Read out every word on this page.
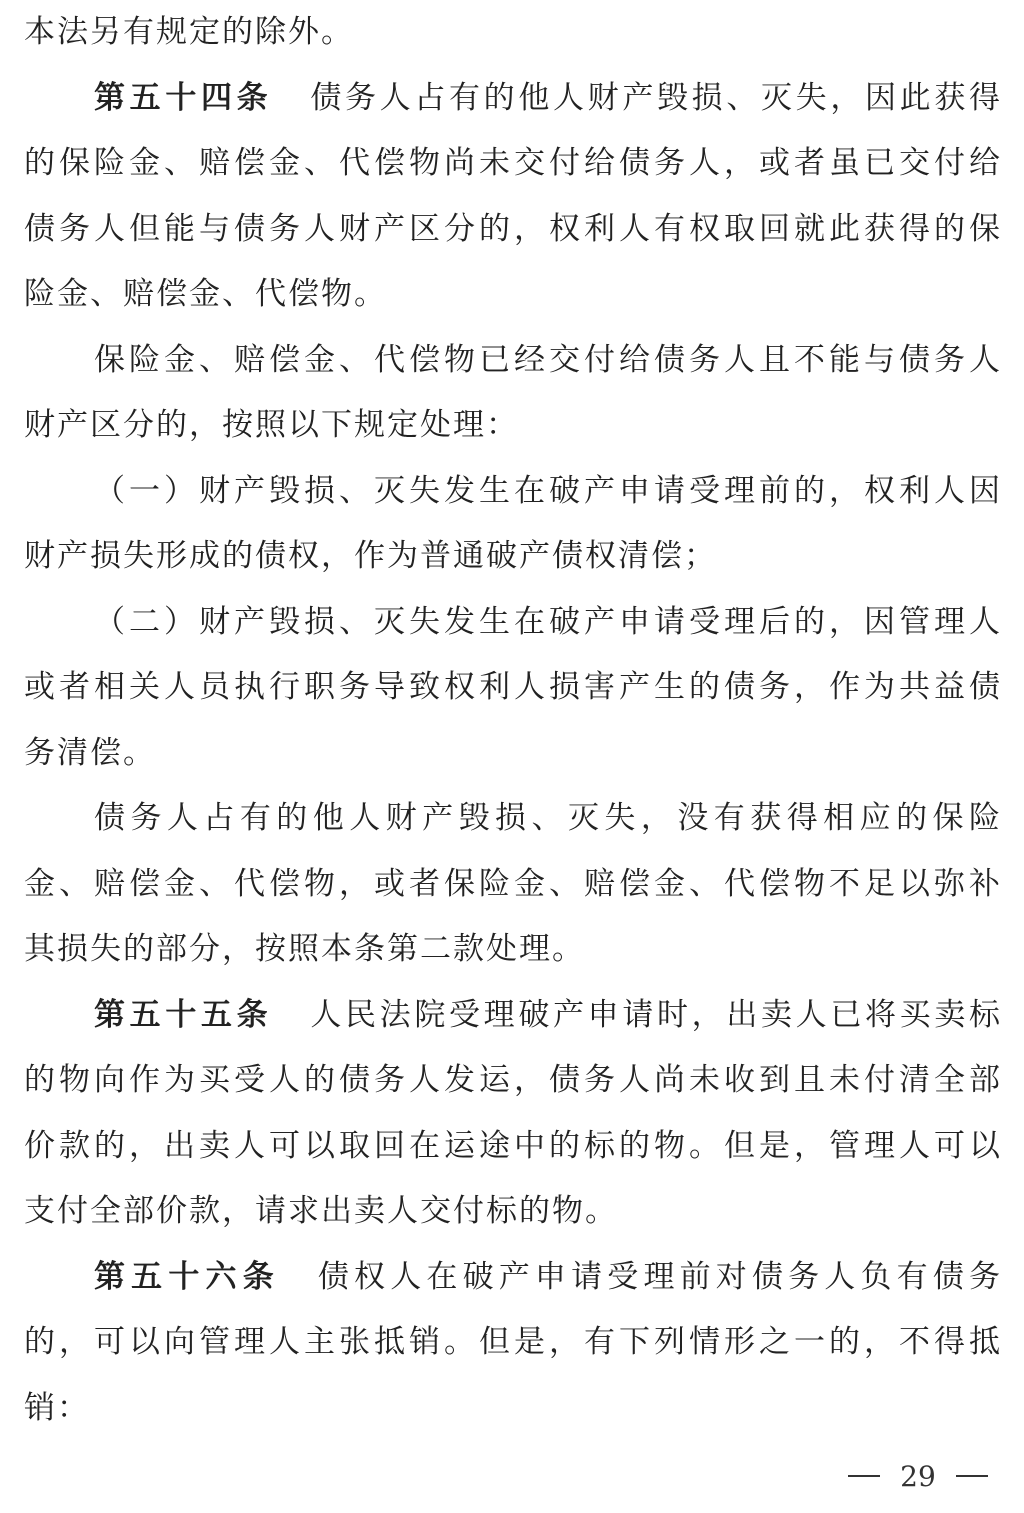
本法另有规定的除外。
第五十四条 债务人占有的他人财产毁损、灭失，因此获得
的保险金、赔偿金、代偿物尚未交付给债务人，或者虽已交付给
债务人但能与债务人财产区分的，权利人有权取回就此获得的保
险金、赔偿金、代偿物。
保险金、赔偿金、代偿物已经交付给债务人且不能与债务人
财产区分的，按照以下规定处理：
（一）财产毁损、灭失发生在破产申请受理前的，权利人因
财产损失形成的债权，作为普通破产债权清偿；
（二）财产毁损、灭失发生在破产申请受理后的，因管理人
或者相关人员执行职务导致权利人损害产生的债务，作为共益债
务清偿。
债务人占有的他人财产毁损、灭失，没有获得相应的保险
金、赔偿金、代偿物，或者保险金、赔偿金、代偿物不足以弥补
其损失的部分，按照本条第二款处理。
第五十五条 人民法院受理破产申请时，出卖人已将买卖标
的物向作为买受人的债务人发运，债务人尚未收到且未付清全部
价款的，出卖人可以取回在运途中的标的物。但是，管理人可以
支付全部价款，请求出卖人交付标的物。
第五十六条 债权人在破产申请受理前对债务人负有债务
的，可以向管理人主张抵销。但是，有下列情形之一的，不得抵
销：
29
